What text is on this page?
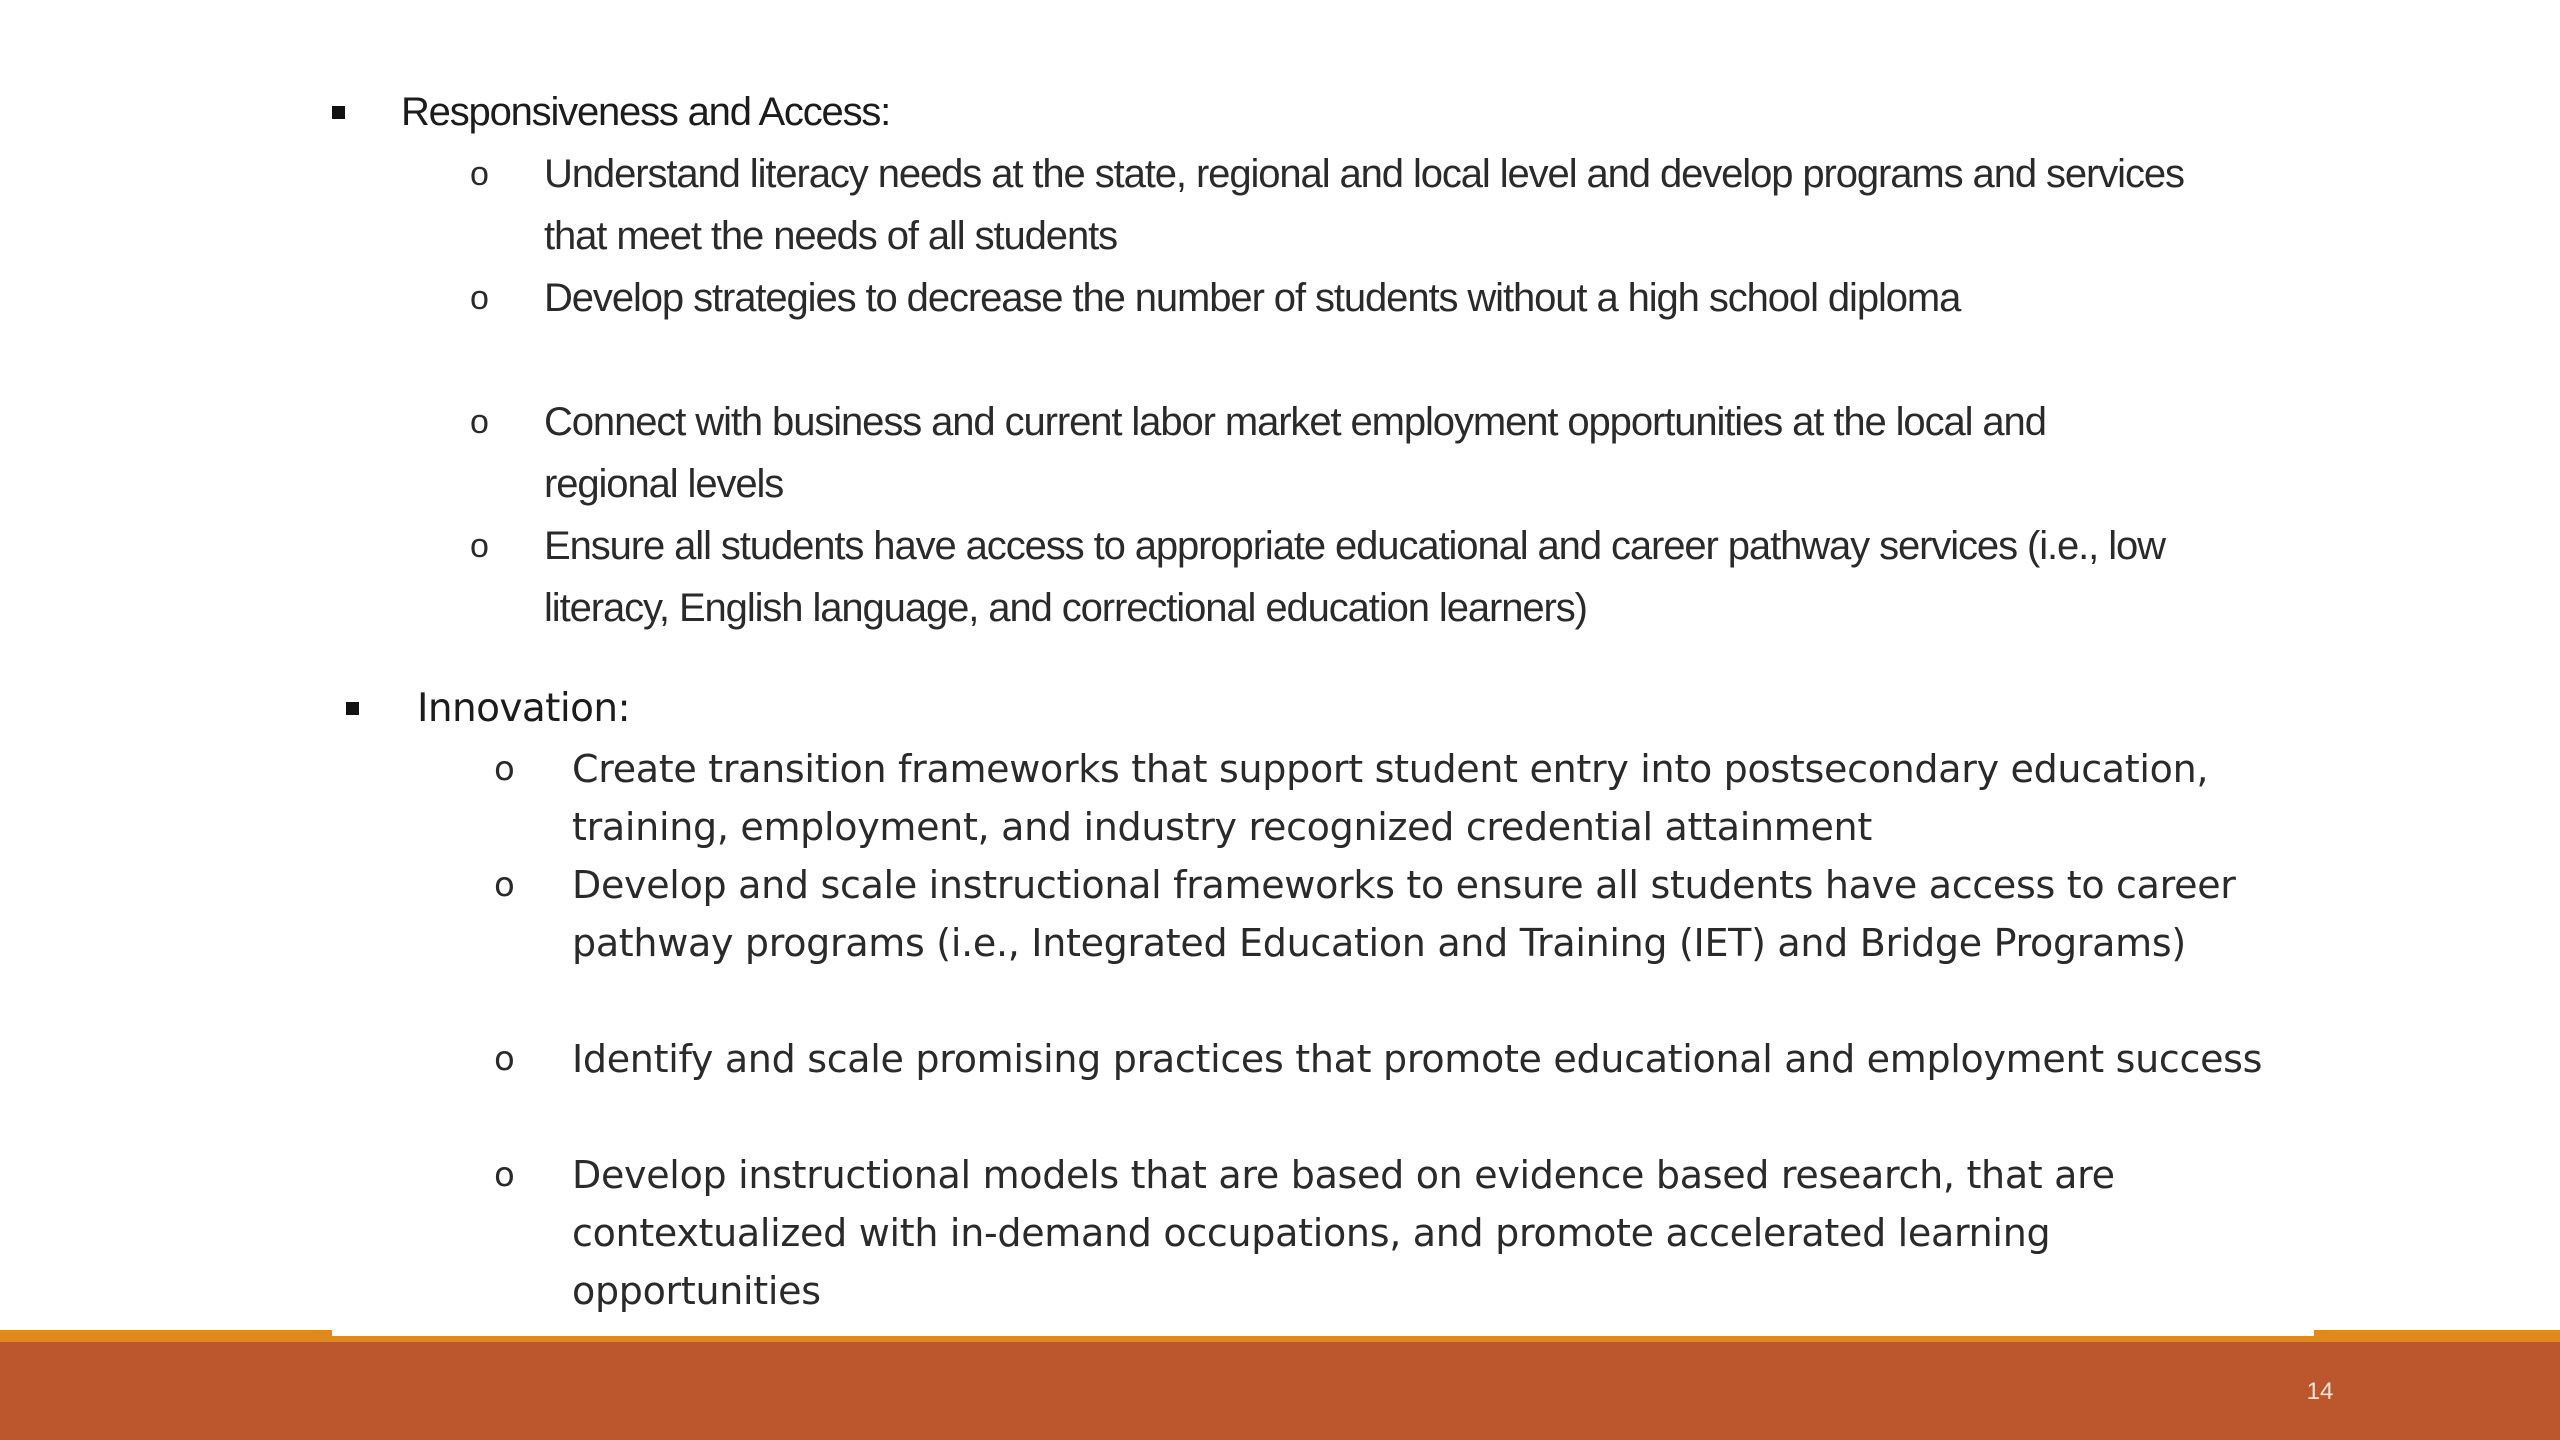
Responsiveness and Access:
o	Understand literacy needs at the state, regional and local level and develop programs and services that meet the needs of all students
o	Develop strategies to decrease the number of students without a high school diploma
o	Connect with business and current labor market employment opportunities at the local and regional levels
o	Ensure all students have access to appropriate educational and career pathway services (i.e., low literacy, English language, and correctional education learners)
Innovation:
o	Create transition frameworks that support student entry into postsecondary education, training, employment, and industry recognized credential attainment
o	Develop and scale instructional frameworks to ensure all students have access to career pathway programs (i.e., Integrated Education and Training (IET) and Bridge Programs)
o	Identify and scale promising practices that promote educational and employment success
o	Develop instructional models that are based on evidence based research, that are contextualized with in-demand occupations, and promote accelerated learning opportunities
14
